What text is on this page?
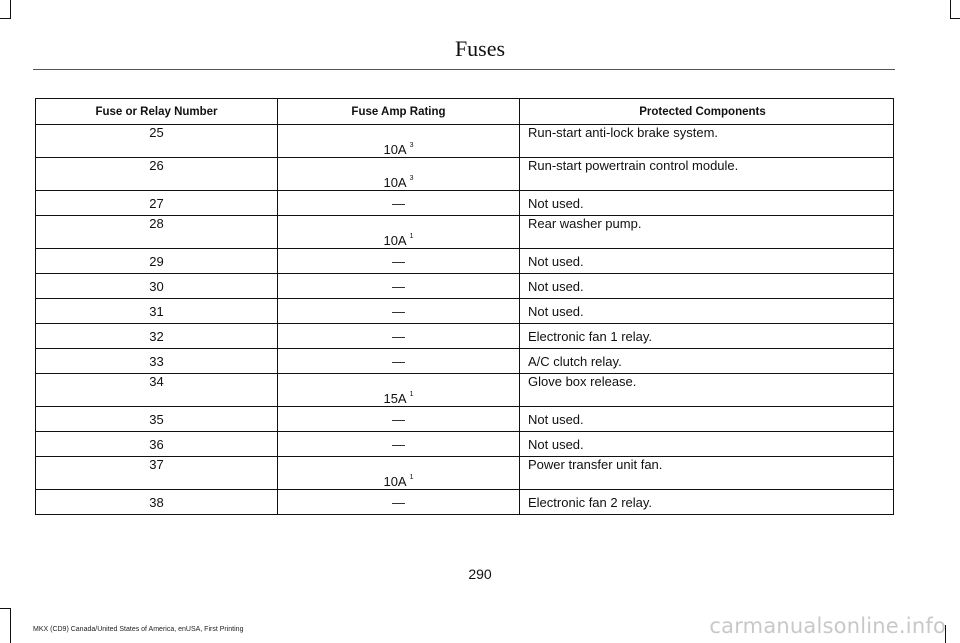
Fuses
Fuse or Relay Number	Fuse Amp Rating	Protected Components
25	10A $^3$	Run-start anti-lock brake system.
26	10A $^3$	Run-start powertrain control module.
27	—	Not used.
28	10A $^1$	Rear washer pump.
29	—	Not used.
30	—	Not used.
31	—	Not used.
32	—	Electronic fan 1 relay.
33	—	A/C clutch relay.
34	15A $^1$	Glove box release.
35	—	Not used.
36	—	Not used.
37	10A $^1$	Power transfer unit fan.
38	—	Electronic fan 2 relay.
290
MKX (CD9) Canada/United States of America, enUSA, First Printing	carmanualsonline.info
